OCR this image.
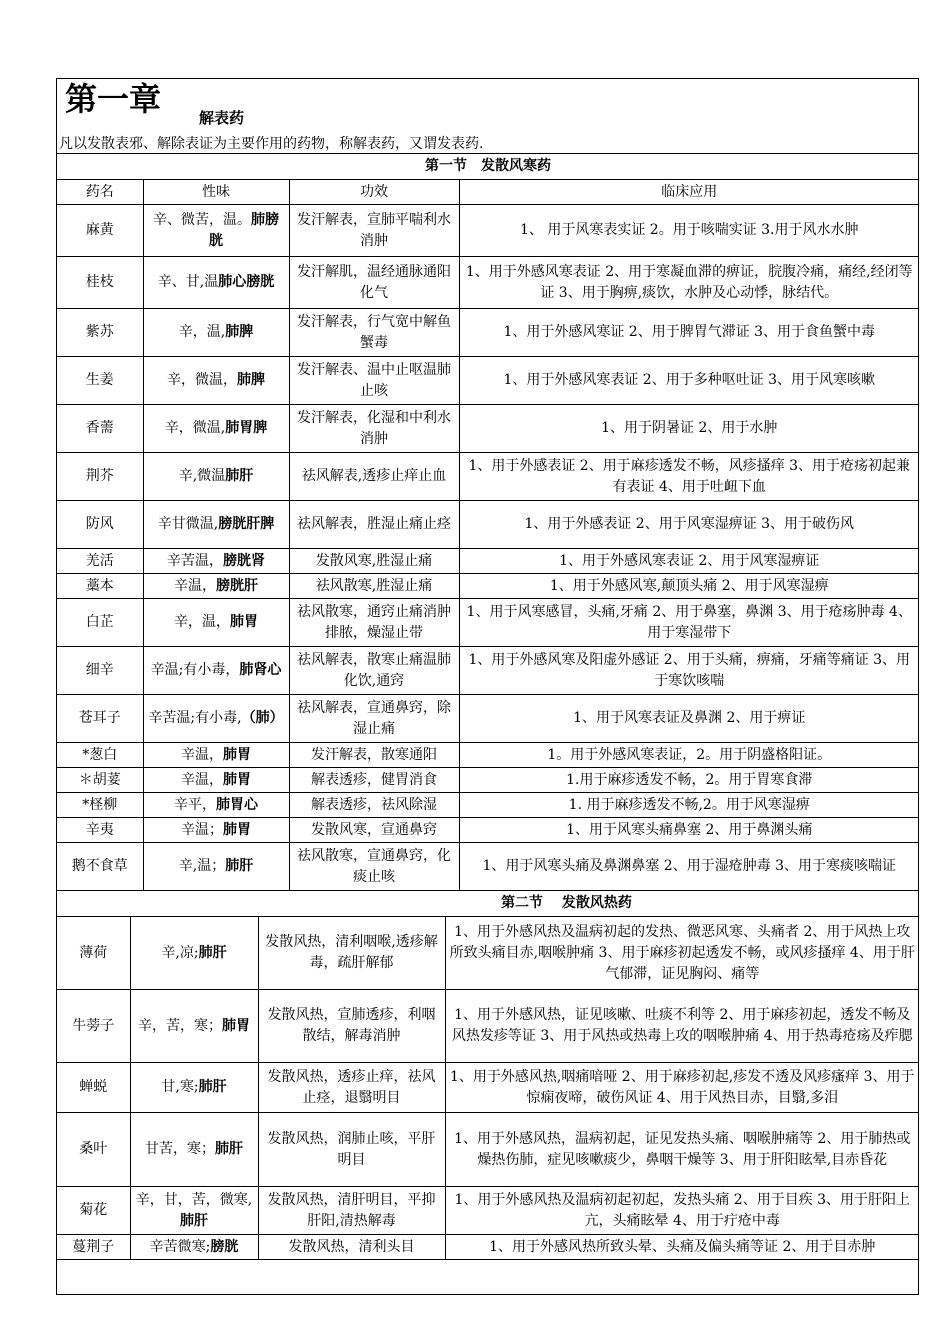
第一章	解表药
凡以发散表邪、解除表证为主要作用的药物，称解表药，又谓发表药.
第一节　发散风寒药			
药名	性味	功效	临床应用
麻黄	辛、微苦，温。肺膀胱	发汗解表，宣肺平喘利水消肿	1、 用于风寒表实证 2。用于咳喘实证 3.用于风水水肿
桂枝	辛、甘,温肺心膀胱	发汗解肌，温经通脉通阳化气	1、用于外感风寒表证 2、用于寒凝血滞的痹证，脘腹冷痛，痛经,经闭等证 3、用于胸痹,痰饮，水肿及心动悸，脉结代。
紫苏	辛，温,肺脾	发汗解表，行气宽中解鱼蟹毒	1、用于外感风寒证 2、用于脾胃气滞证 3、用于食鱼蟹中毒
生姜	辛，微温，肺脾	发汗解表、温中止呕温肺止咳	1、用于外感风寒表证 2、用于多种呕吐证 3、用于风寒咳嗽
香薷	辛，微温,肺胃脾	发汗解表，化湿和中利水消肿	1、用于阴暑证 2、用于水肿
荆芥	辛,微温肺肝	祛风解表,透疹止痒止血	1、用于外感表证 2、用于麻疹透发不畅，风疹搔痒 3、用于疮疡初起兼有表证 4、用于吐衄下血
防风	辛甘微温,膀胱肝脾	祛风解表，胜湿止痛止痉	1、用于外感表证 2、用于风寒湿痹证 3、用于破伤风
羌活	辛苦温，膀胱肾	发散风寒,胜湿止痛	1、用于外感风寒表证 2、用于风寒湿痹证
藁本	辛温，膀胱肝	祛风散寒,胜湿止痛	1、用于外感风寒,颠顶头痛 2、用于风寒湿痹
白芷	辛，温，肺胃	祛风散寒，通窍止痛消肿排脓，燥湿止带	1、用于风寒感冒，头痛,牙痛 2、用于鼻塞，鼻渊 3、用于疮疡肿毒 4、用于寒湿带下
细辛	辛温;有小毒，肺肾心	祛风解表，散寒止痛温肺化饮,通窍	1、用于外感风寒及阳虚外感证 2、用于头痛，痹痛，牙痛等痛证 3、用于寒饮咳喘
苍耳子	辛苦温;有小毒,（肺）	祛风解表，宣通鼻窍，除湿止痛	1、用于风寒表证及鼻渊 2、用于痹证
*葱白	辛温，肺胃	发汗解表，散寒通阳	1。用于外感风寒表证，2。用于阴盛格阳证。
＊胡荽	辛温，肺胃	解表透疹，健胃消食	1.用于麻疹透发不畅，2。用于胃寒食滞
*柽柳	辛平，肺胃心	解表透疹，祛风除湿	1. 用于麻疹透发不畅,2。用于风寒湿痹
辛夷	辛温；肺胃	发散风寒，宣通鼻窍	1、用于风寒头痛鼻塞 2、用于鼻渊头痛
鹅不食草	辛,温；肺肝	祛风散寒，宣通鼻窍，化痰止咳	1、用于风寒头痛及鼻渊鼻塞 2、用于湿疮肿毒 3、用于寒痰咳喘证
第二节　 发散风热药			
薄荷	辛,凉;肺肝	发散风热，清利咽喉,透疹解毒，疏肝解郁	1、用于外感风热及温病初起的发热、微恶风寒、头痛者 2、用于风热上攻所致头痛目赤,咽喉肿痛 3、用于麻疹初起透发不畅，或风疹搔痒 4、用于肝气郁滞，证见胸闷、痛等
牛蒡子	辛，苦，寒；肺胃	发散风热，宣肺透疹，利咽散结，解毒消肿	1、用于外感风热，证见咳嗽、吐痰不利等 2、用于麻疹初起，透发不畅及风热发疹等证 3、用于风热或热毒上攻的咽喉肿痛 4、用于热毒疮疡及痄腮
蝉蜕	甘,寒;肺肝	发散风热，透疹止痒，祛风止痉，退翳明目	1、用于外感风热,咽痛喑哑 2、用于麻疹初起,疹发不透及风疹瘙痒 3、用于惊痫夜啼，破伤风证 4、用于风热目赤，目翳,多泪
桑叶	甘苦，寒；肺肝	发散风热，润肺止咳，平肝明目	1、用于外感风热，温病初起，证见发热头痛、咽喉肿痛等 2、用于肺热或燥热伤肺，症见咳嗽痰少，鼻咽干燥等 3、用于肝阳眩晕,目赤昏花
菊花	辛，甘，苦，微寒,肺肝	发散风热，清肝明目，平抑肝阳,清热解毒	1、用于外感风热及温病初起初起，发热头痛 2、用于目疾 3、用于肝阳上亢，头痛眩晕 4、用于疔疮中毒
蔓荆子	辛苦微寒;膀胱	发散风热，清利头目	1、用于外感风热所致头晕、头痛及偏头痛等证 2、用于目赤肿
